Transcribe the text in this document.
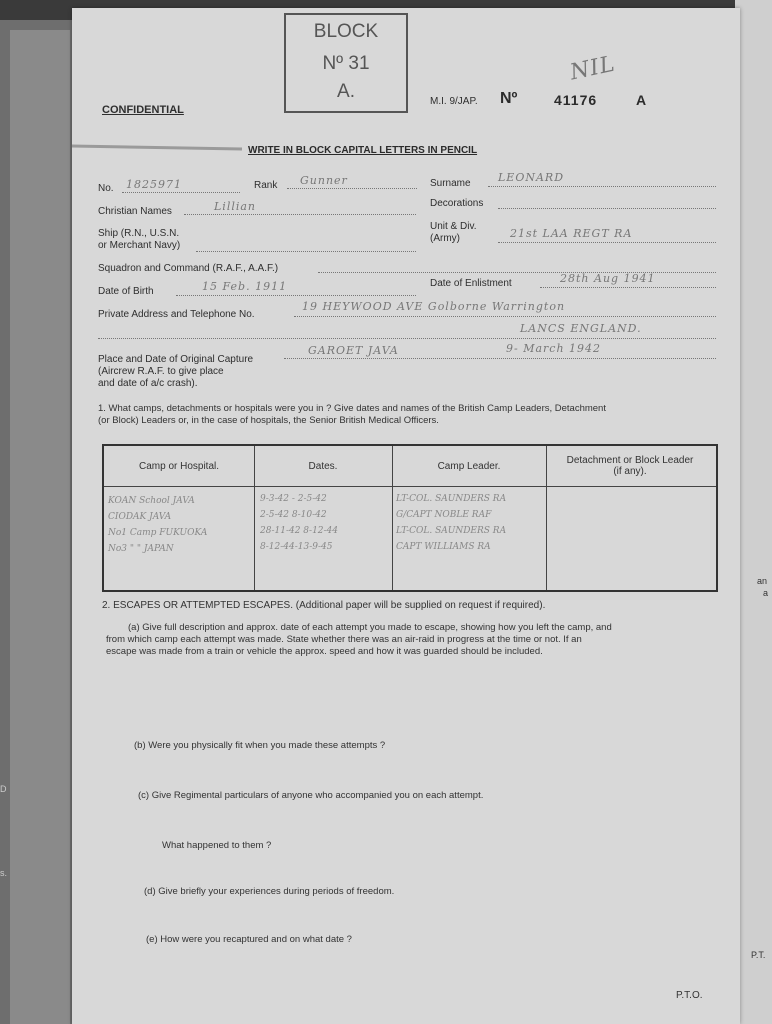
an
a
P.T.
s.
D
CONFIDENTIAL
BLOCK
Nº 31
A.
NIL
M.I. 9/JAP. Nº	41176	A
WRITE IN BLOCK CAPITAL LETTERS IN PENCIL
No. 1825971	Rank Gunner	Surname LEONARD
Christian Names	Lillian	Decorations
Ship (R.N., U.S.N.
or Merchant Navy)
Unit & Div.
(Army)	21st LAA REGT RA
Squadron and Command (R.A.F., A.A.F.)
Date of Birth	15 Feb. 1911	Date of Enlistment	28th Aug 1941
Private Address and Telephone No.
19 HEYWOOD AVE Golborne Warrington
LANCS ENGLAND.
Place and Date of Original Capture
(Aircrew R.A.F. to give place
and date of a/c crash).
GAROET JAVA	9- March 1942
1. What camps, detachments or hospitals were you in ? Give dates and names of the British Camp Leaders, Detachment
(or Block) Leaders or, in the case of hospitals, the Senior British Medical Officers.
Camp or Hospital.	Dates.	Camp Leader.	Detachment or Block Leader (if any).
KOAN School JAVA	9-3-42 - 2-5-42	LT-COL. SAUNDERS RA
CIODAK JAVA	2-5-42 8-10-42	G/CAPT NOBLE RAF
No1 Camp FUKUOKA	28-11-42 8-12-44	LT-COL. SAUNDERS RA
No3 " " JAPAN	8-12-44-13-9-45	CAPT WILLIAMS RA
2. ESCAPES OR ATTEMPTED ESCAPES. (Additional paper will be supplied on request if required).
(a) Give full description and approx. date of each attempt you made to escape, showing how you left the camp, and
from which camp each attempt was made. State whether there was an air-raid in progress at the time or not. If an
escape was made from a train or vehicle the approx. speed and how it was guarded should be included.
(b) Were you physically fit when you made these attempts ?
(c) Give Regimental particulars of anyone who accompanied you on each attempt.
What happened to them ?
(d) Give briefly your experiences during periods of freedom.
(e) How were you recaptured and on what date ?
P.T.O.
